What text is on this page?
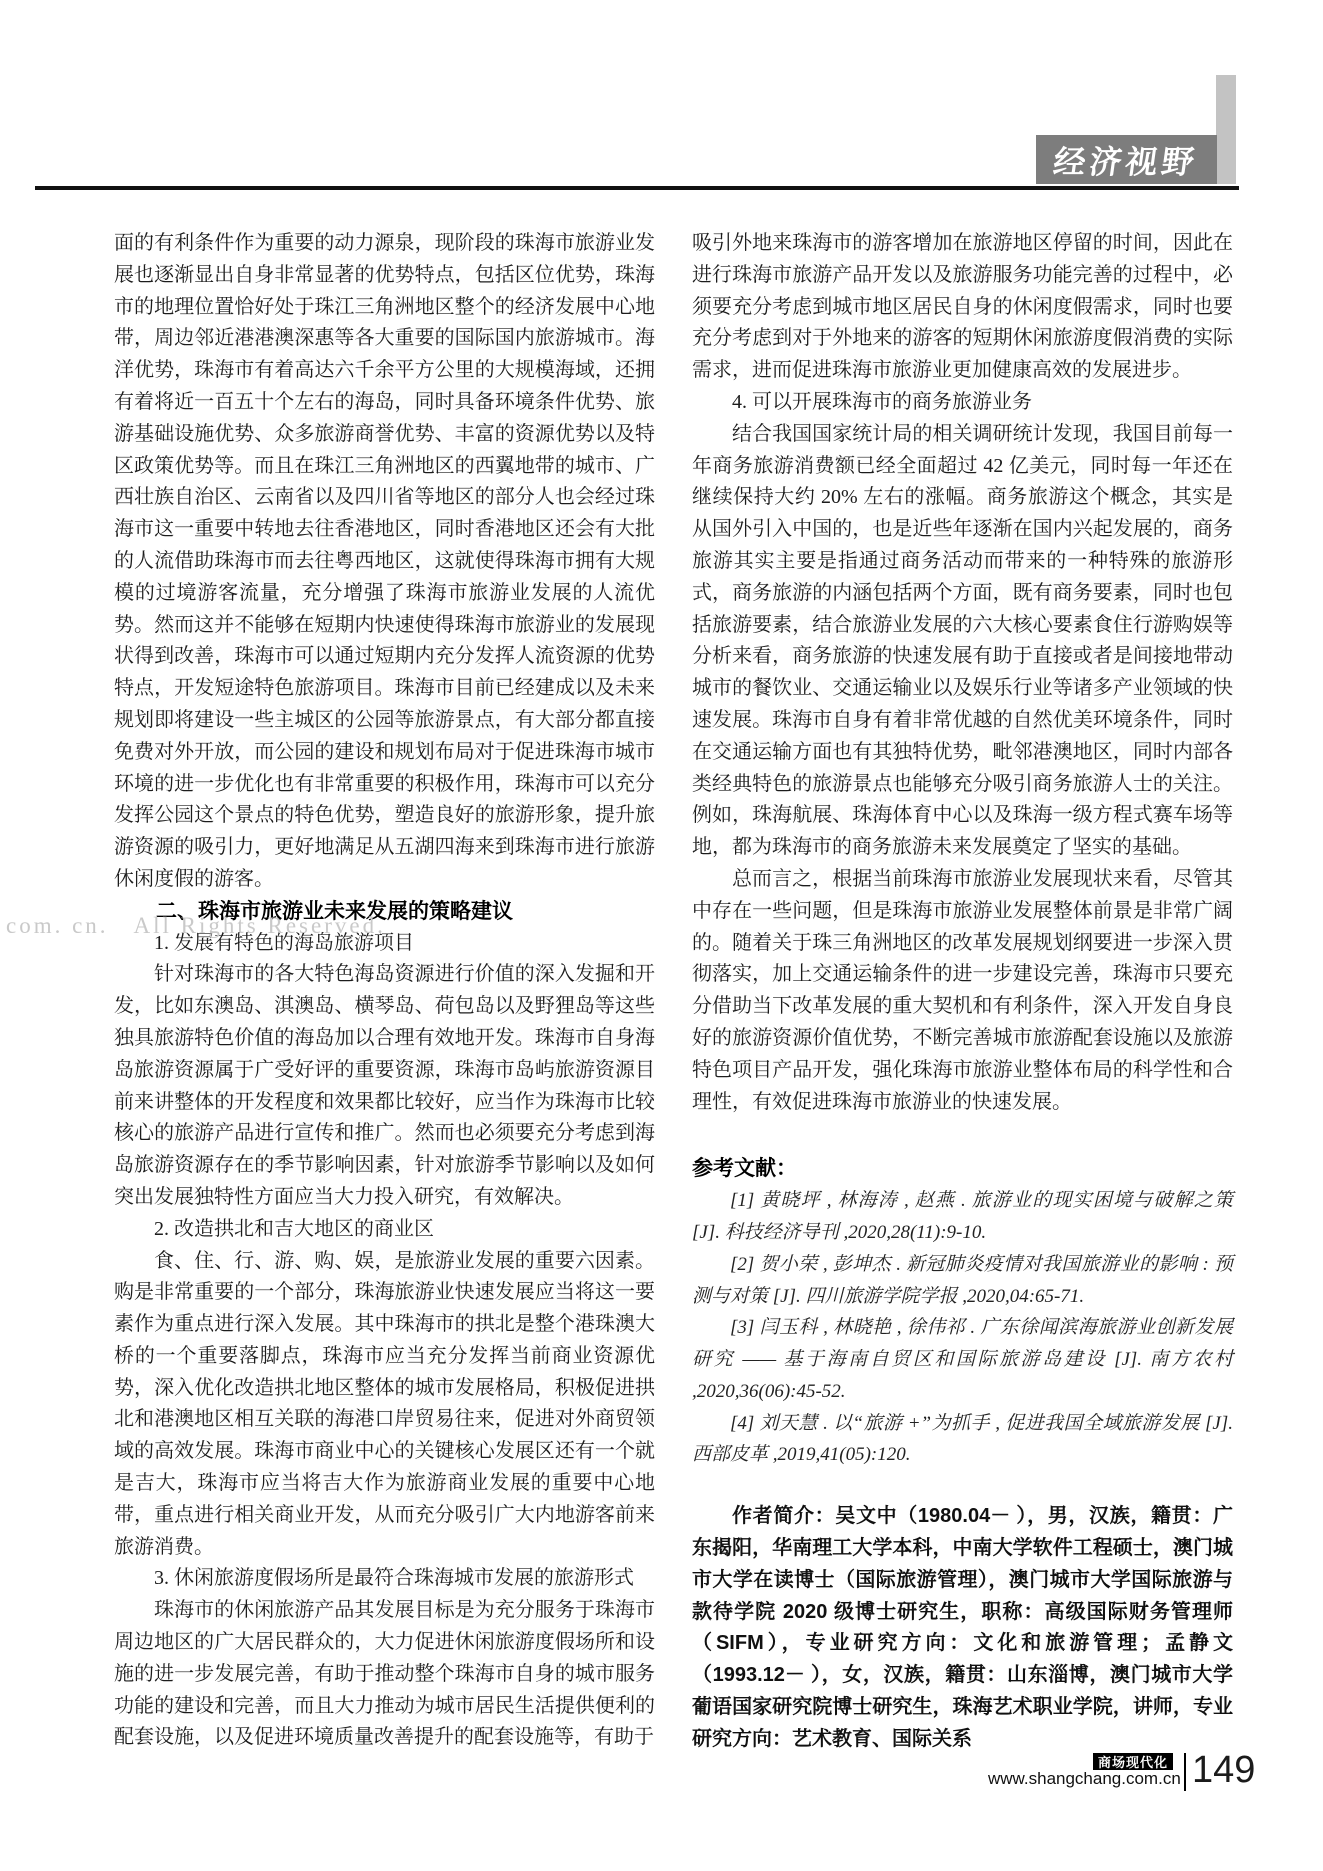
com. cn.   All Rights Reserved.
经济视野

面的有利条件作为重要的动力源泉，现阶段的珠海市旅游业发展也逐渐显出自身非常显著的优势特点，包括区位优势，珠海市的地理位置恰好处于珠江三角洲地区整个的经济发展中心地带，周边邻近港港澳深惠等各大重要的国际国内旅游城市。海洋优势，珠海市有着高达六千余平方公里的大规模海域，还拥有着将近一百五十个左右的海岛，同时具备环境条件优势、旅游基础设施优势、众多旅游商誉优势、丰富的资源优势以及特区政策优势等。而且在珠江三角洲地区的西翼地带的城市、广西壮族自治区、云南省以及四川省等地区的部分人也会经过珠海市这一重要中转地去往香港地区，同时香港地区还会有大批的人流借助珠海市而去往粤西地区，这就使得珠海市拥有大规模的过境游客流量，充分增强了珠海市旅游业发展的人流优势。然而这并不能够在短期内快速使得珠海市旅游业的发展现状得到改善，珠海市可以通过短期内充分发挥人流资源的优势特点，开发短途特色旅游项目。珠海市目前已经建成以及未来规划即将建设一些主城区的公园等旅游景点，有大部分都直接免费对外开放，而公园的建设和规划布局对于促进珠海市城市环境的进一步优化也有非常重要的积极作用，珠海市可以充分发挥公园这个景点的特色优势，塑造良好的旅游形象，提升旅游资源的吸引力，更好地满足从五湖四海来到珠海市进行旅游休闲度假的游客。

二、珠海市旅游业未来发展的策略建议

1. 发展有特色的海岛旅游项目

针对珠海市的各大特色海岛资源进行价值的深入发掘和开发，比如东澳岛、淇澳岛、横琴岛、荷包岛以及野狸岛等这些独具旅游特色价值的海岛加以合理有效地开发。珠海市自身海岛旅游资源属于广受好评的重要资源，珠海市岛屿旅游资源目前来讲整体的开发程度和效果都比较好，应当作为珠海市比较核心的旅游产品进行宣传和推广。然而也必须要充分考虑到海岛旅游资源存在的季节影响因素，针对旅游季节影响以及如何突出发展独特性方面应当大力投入研究，有效解决。

2. 改造拱北和吉大地区的商业区

食、住、行、游、购、娱，是旅游业发展的重要六因素。购是非常重要的一个部分，珠海旅游业快速发展应当将这一要素作为重点进行深入发展。其中珠海市的拱北是整个港珠澳大桥的一个重要落脚点，珠海市应当充分发挥当前商业资源优势，深入优化改造拱北地区整体的城市发展格局，积极促进拱北和港澳地区相互关联的海港口岸贸易往来，促进对外商贸领域的高效发展。珠海市商业中心的关键核心发展区还有一个就是吉大，珠海市应当将吉大作为旅游商业发展的重要中心地带，重点进行相关商业开发，从而充分吸引广大内地游客前来旅游消费。

3. 休闲旅游度假场所是最符合珠海城市发展的旅游形式

珠海市的休闲旅游产品其发展目标是为充分服务于珠海市周边地区的广大居民群众的，大力促进休闲旅游度假场所和设施的进一步发展完善，有助于推动整个珠海市自身的城市服务功能的建设和完善，而且大力推动为城市居民生活提供便利的配套设施，以及促进环境质量改善提升的配套设施等，有助于

吸引外地来珠海市的游客增加在旅游地区停留的时间，因此在进行珠海市旅游产品开发以及旅游服务功能完善的过程中，必须要充分考虑到城市地区居民自身的休闲度假需求，同时也要充分考虑到对于外地来的游客的短期休闲旅游度假消费的实际需求，进而促进珠海市旅游业更加健康高效的发展进步。

4. 可以开展珠海市的商务旅游业务

结合我国国家统计局的相关调研统计发现，我国目前每一年商务旅游消费额已经全面超过 42 亿美元，同时每一年还在继续保持大约 20% 左右的涨幅。商务旅游这个概念，其实是从国外引入中国的，也是近些年逐渐在国内兴起发展的，商务旅游其实主要是指通过商务活动而带来的一种特殊的旅游形式，商务旅游的内涵包括两个方面，既有商务要素，同时也包括旅游要素，结合旅游业发展的六大核心要素食住行游购娱等分析来看，商务旅游的快速发展有助于直接或者是间接地带动城市的餐饮业、交通运输业以及娱乐行业等诸多产业领域的快速发展。珠海市自身有着非常优越的自然优美环境条件，同时在交通运输方面也有其独特优势，毗邻港澳地区，同时内部各类经典特色的旅游景点也能够充分吸引商务旅游人士的关注。例如，珠海航展、珠海体育中心以及珠海一级方程式赛车场等地，都为珠海市的商务旅游未来发展奠定了坚实的基础。

总而言之，根据当前珠海市旅游业发展现状来看，尽管其中存在一些问题，但是珠海市旅游业发展整体前景是非常广阔的。随着关于珠三角洲地区的改革发展规划纲要进一步深入贯彻落实，加上交通运输条件的进一步建设完善，珠海市只要充分借助当下改革发展的重大契机和有利条件，深入开发自身良好的旅游资源价值优势，不断完善城市旅游配套设施以及旅游特色项目产品开发，强化珠海市旅游业整体布局的科学性和合理性，有效促进珠海市旅游业的快速发展。

参考文献：

[1] 黄晓坪 , 林海涛 , 赵燕 . 旅游业的现实困境与破解之策 [J]. 科技经济导刊 ,2020,28(11):9-10.

[2] 贺小荣 , 彭坤杰 . 新冠肺炎疫情对我国旅游业的影响 : 预测与对策 [J]. 四川旅游学院学报 ,2020,04:65-71.

[3] 闫玉科 , 林晓艳 , 徐伟祁 . 广东徐闻滨海旅游业创新发展研究 —— 基于海南自贸区和国际旅游岛建设 [J]. 南方农村 ,2020,36(06):45-52.

[4] 刘天慧 . 以“旅游 +”为抓手 , 促进我国全域旅游发展 [J]. 西部皮革 ,2019,41(05):120.

作者简介：吴文中（1980.04－ ），男，汉族，籍贯：广东揭阳，华南理工大学本科，中南大学软件工程硕士，澳门城市大学在读博士（国际旅游管理），澳门城市大学国际旅游与款待学院 2020 级博士研究生，职称：高级国际财务管理师（SIFM），专业研究方向：文化和旅游管理；孟静文（1993.12－ ），女，汉族，籍贯：山东淄博，澳门城市大学葡语国家研究院博士研究生，珠海艺术职业学院，讲师，专业研究方向：艺术教育、国际关系

商场现代化
www.shangchang.com.cn 149
